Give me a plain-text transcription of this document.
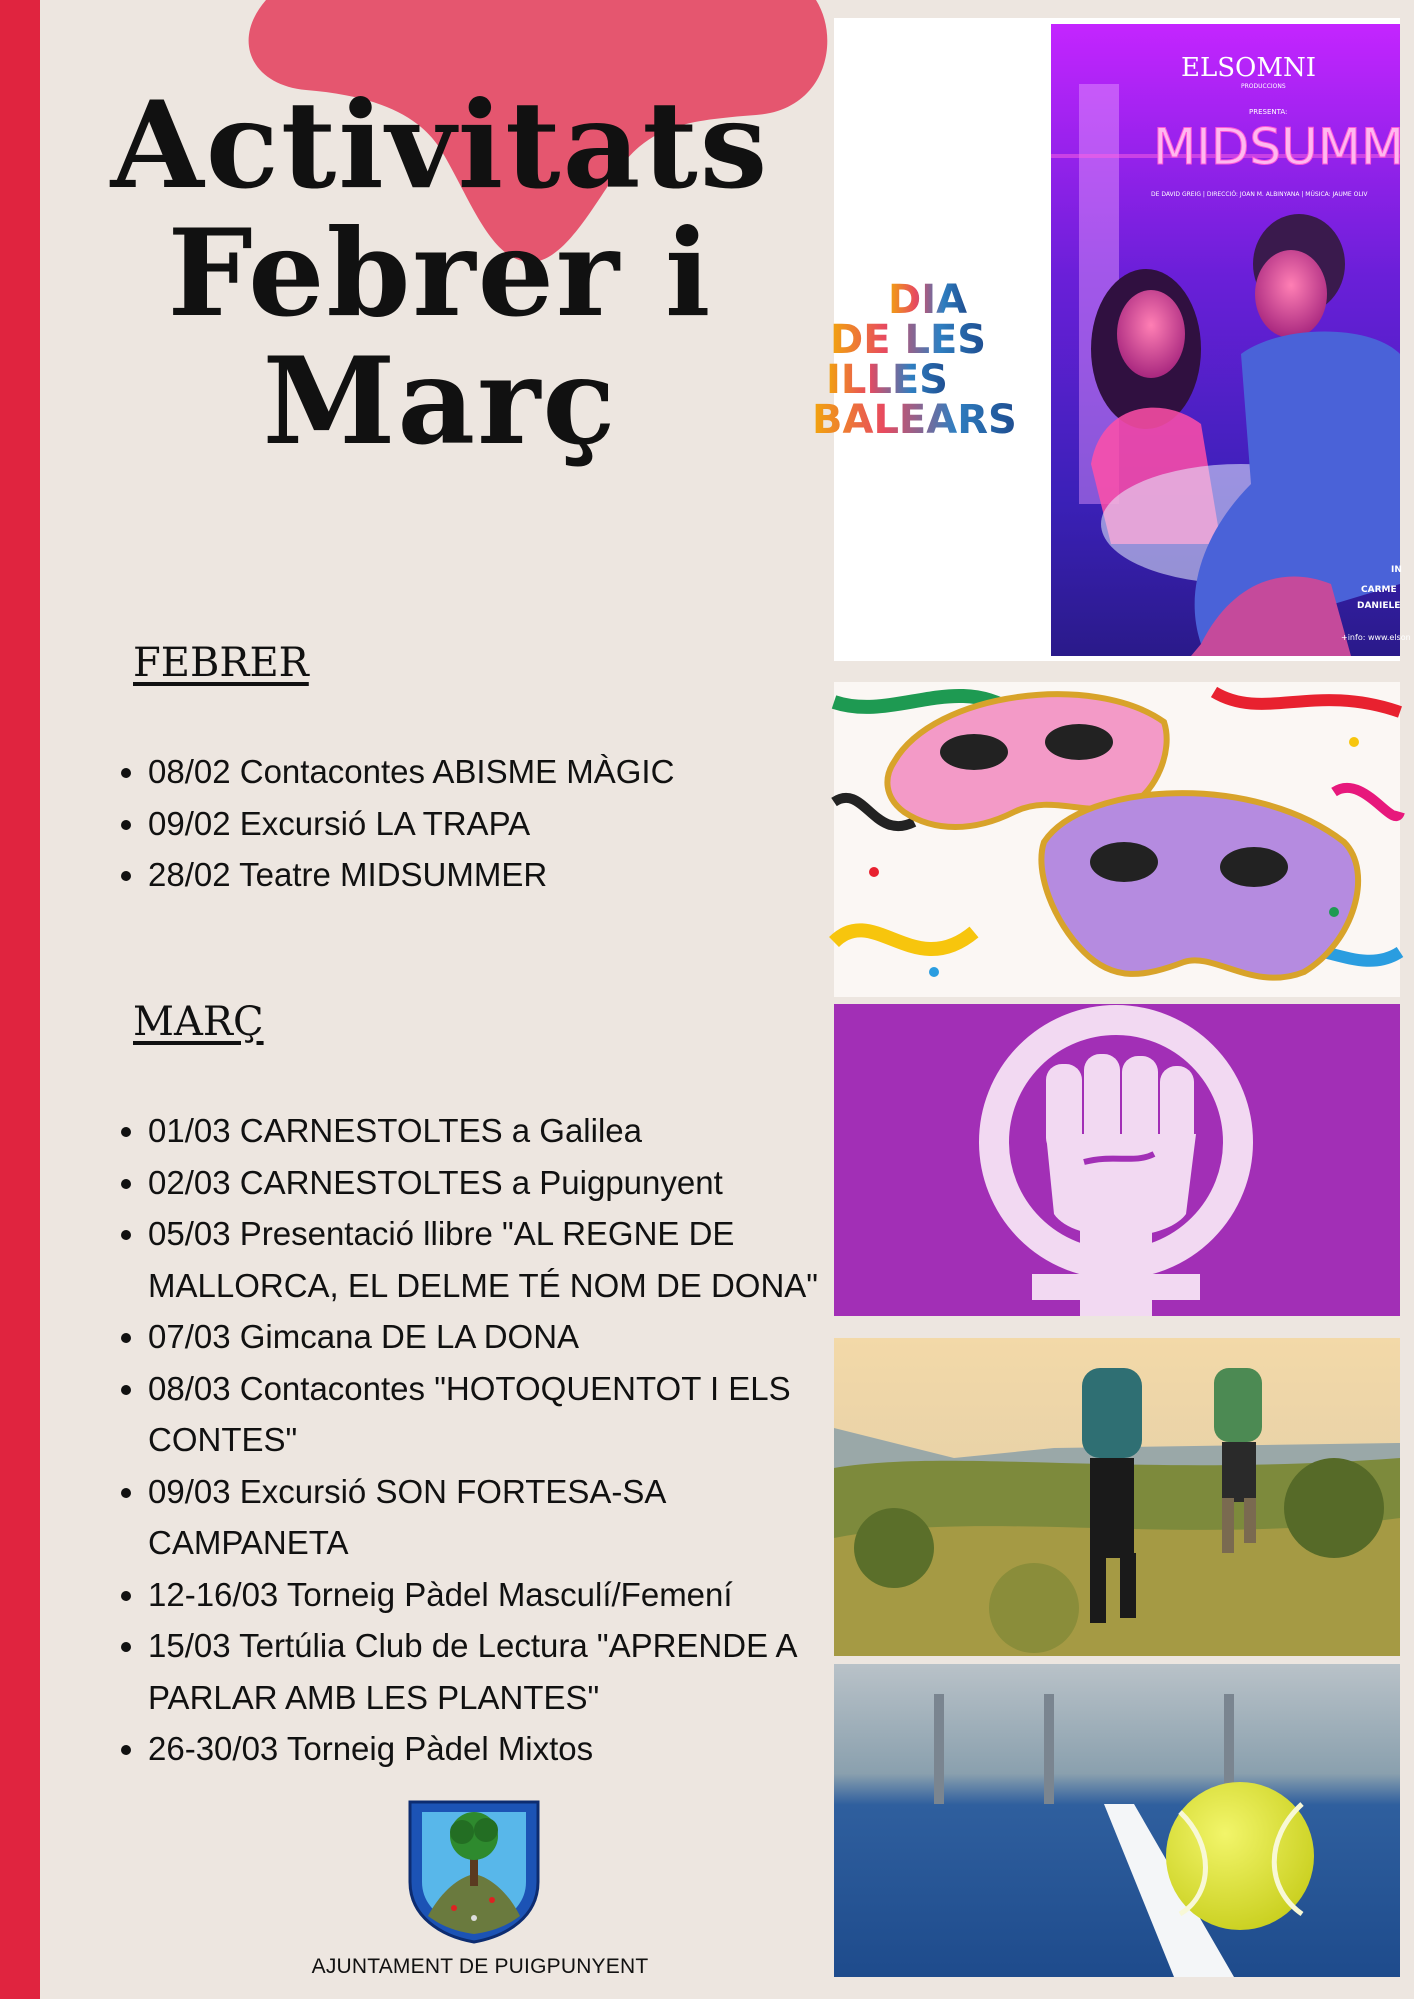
Activitats
Febrer i
Març
FEBRER
• 08/02 Contacontes ABISME MÀGIC
• 09/02 Excursió LA TRAPA
• 28/02 Teatre MIDSUMMER
MARÇ
• 01/03 CARNESTOLTES a Galilea
• 02/03 CARNESTOLTES a Puigpunyent
• 05/03 Presentació llibre "AL REGNE DE MALLORCA, EL DELME TÉ NOM DE DONA"
• 07/03 Gimcana DE LA DONA
• 08/03 Contacontes "HOTOQUENTOT I ELS CONTES"
• 09/03 Excursió SON FORTESA-SA CAMPANETA
• 12-16/03 Torneig Pàdel Masculí/Femení
• 15/03 Tertúlia Club de Lectura "APRENDE A PARLAR AMB LES PLANTES"
• 26-30/03 Torneig Pàdel Mixtos
DIA
DE LES
ILLES
BALEARS
ELSOMNI
PRODUCCIONS
PRESENTA:
MIDSUMM
DE DAVID GREIG | DIRECCIÓ: JOAN M. ALBINYANA | MÚSICA: JAUME OLIV
IN
CARME
DANIELE
+info: www.elson
AJUNTAMENT DE PUIGPUNYENT
